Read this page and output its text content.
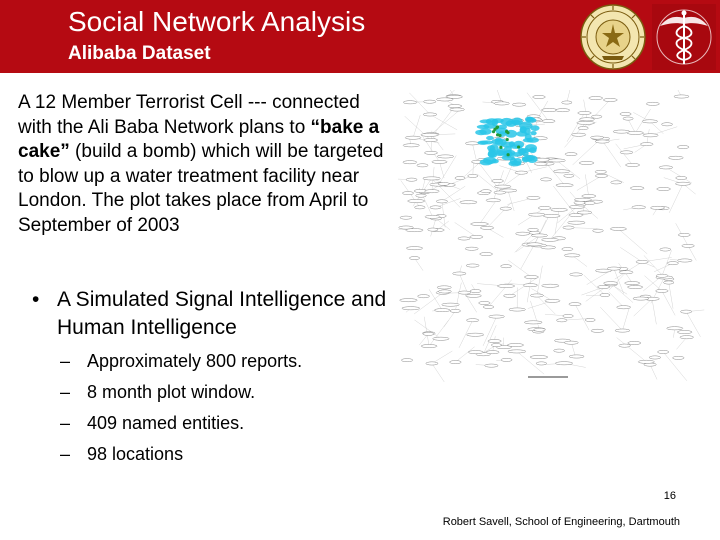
Social Network Analysis
Alibaba Dataset
A 12 Member Terrorist Cell --- connected with the Ali Baba Network plans to “bake a cake” (build a bomb) which will be targeted to blow up a water treatment facility near London. The plot takes place from April to September of 2003
• A Simulated Signal Intelligence and Human Intelligence
– Approximately 800 reports.
– 8 month plot window.
– 409 named entities.
– 98 locations
16
Robert Savell, School of Engineering, Dartmouth
